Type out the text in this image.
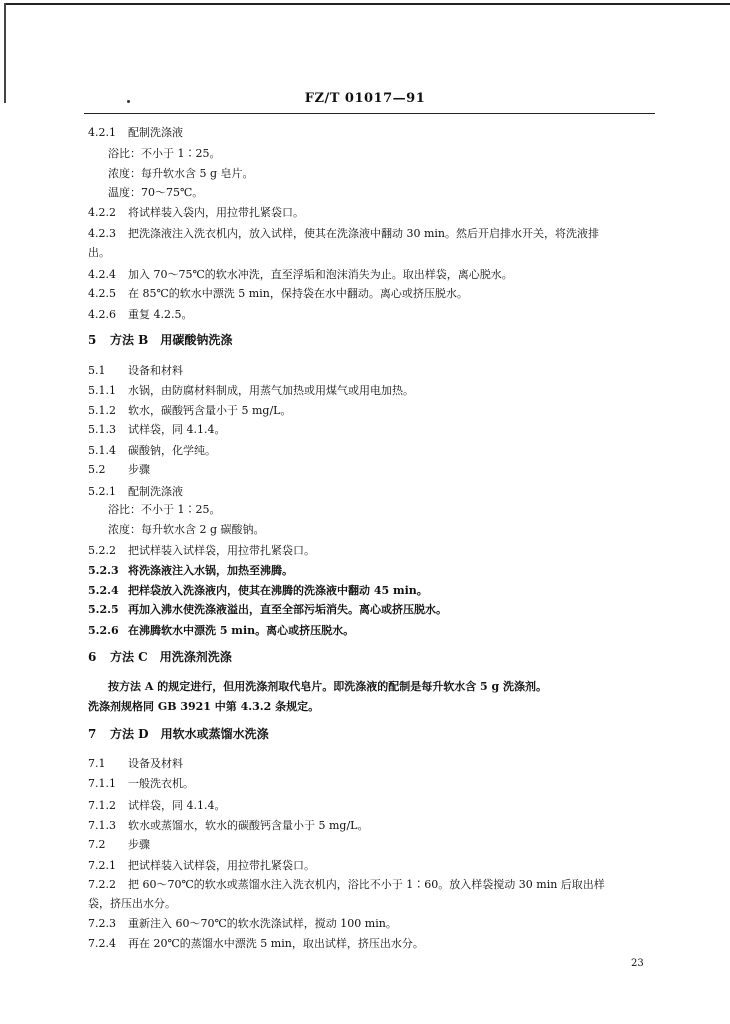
FZ/T 01017—91
4.2.1 配制洗涤液
浴比：不小于 1∶25。
浓度：每升软水含 5 g 皂片。
温度：70～75℃。
4.2.2 将试样装入袋内，用拉带扎紧袋口。
4.2.3 把洗涤液注入洗衣机内，放入试样，使其在洗涤液中翻动 30 min。然后开启排水开关，将洗液排
出。
4.2.4 加入 70～75℃的软水冲洗，直至浮垢和泡沫消失为止。取出样袋，离心脱水。
4.2.5 在 85℃的软水中漂洗 5 min，保持袋在水中翻动。离心或挤压脱水。
4.2.6 重复 4.2.5。
5 方法 B　用碳酸钠洗涤
5.1 设备和材料
5.1.1 水锅，由防腐材料制成，用蒸气加热或用煤气或用电加热。
5.1.2 软水，碳酸钙含量小于 5 mg/L。
5.1.3 试样袋，同 4.1.4。
5.1.4 碳酸钠，化学纯。
5.2 步骤
5.2.1 配制洗涤液
浴比：不小于 1∶25。
浓度：每升软水含 2 g 碳酸钠。
5.2.2 把试样装入试样袋，用拉带扎紧袋口。
5.2.3 将洗涤液注入水锅，加热至沸腾。
5.2.4 把样袋放入洗涤液内，使其在沸腾的洗涤液中翻动 45 min。
5.2.5 再加入沸水使洗涤液溢出，直至全部污垢消失。离心或挤压脱水。
5.2.6 在沸腾软水中漂洗 5 min。离心或挤压脱水。
6 方法 C　用洗涤剂洗涤
按方法 A 的规定进行，但用洗涤剂取代皂片。即洗涤液的配制是每升软水含 5 g 洗涤剂。
洗涤剂规格同 GB 3921 中第 4.3.2 条规定。
7 方法 D　用软水或蒸馏水洗涤
7.1 设备及材料
7.1.1 一般洗衣机。
7.1.2 试样袋，同 4.1.4。
7.1.3 软水或蒸馏水，软水的碳酸钙含量小于 5 mg/L。
7.2 步骤
7.2.1 把试样装入试样袋，用拉带扎紧袋口。
7.2.2 把 60～70℃的软水或蒸馏水注入洗衣机内，浴比不小于 1∶60。放入样袋搅动 30 min 后取出样
袋，挤压出水分。
7.2.3 重新注入 60～70℃的软水洗涤试样，搅动 100 min。
7.2.4 再在 20℃的蒸馏水中漂洗 5 min，取出试样，挤压出水分。
23
